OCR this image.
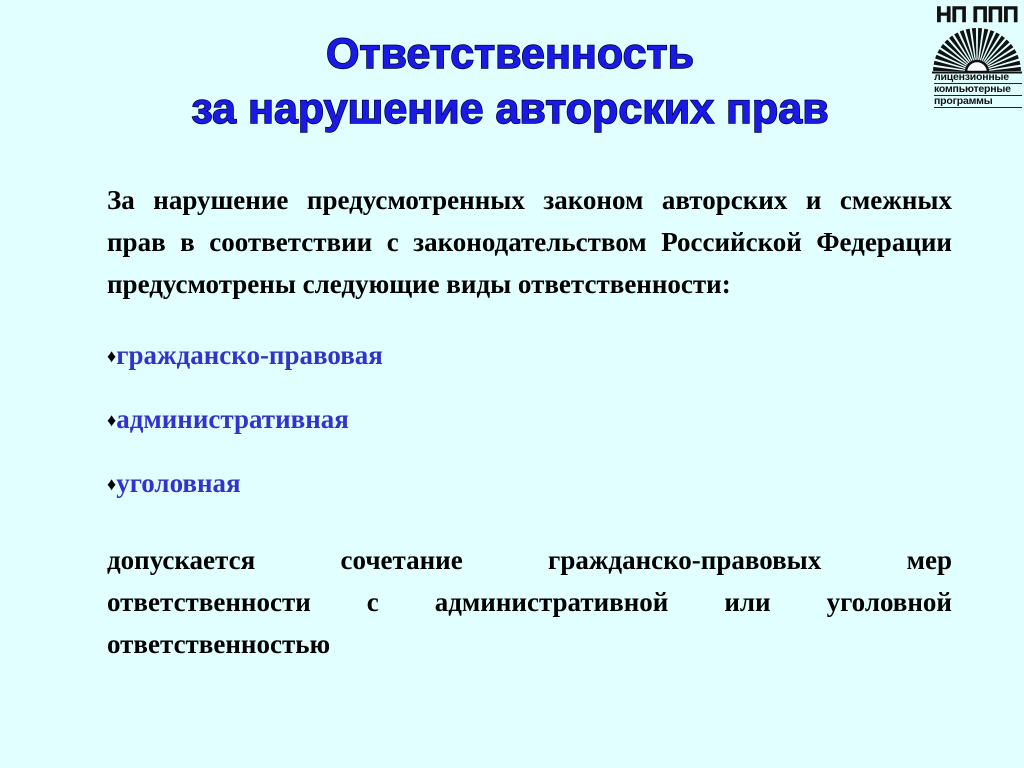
Ответственность
за нарушение авторских прав
НП ППП
лицензионные
компьютерные
программы
За нарушение предусмотренных законом авторских и смежных
прав в соответствии с законодательством Российской Федерации
предусмотрены следующие виды ответственности:
♦гражданско-правовая
♦административная
♦уголовная
допускается сочетание гражданско-правовых мер
ответственности с административной или уголовной
ответственностью
